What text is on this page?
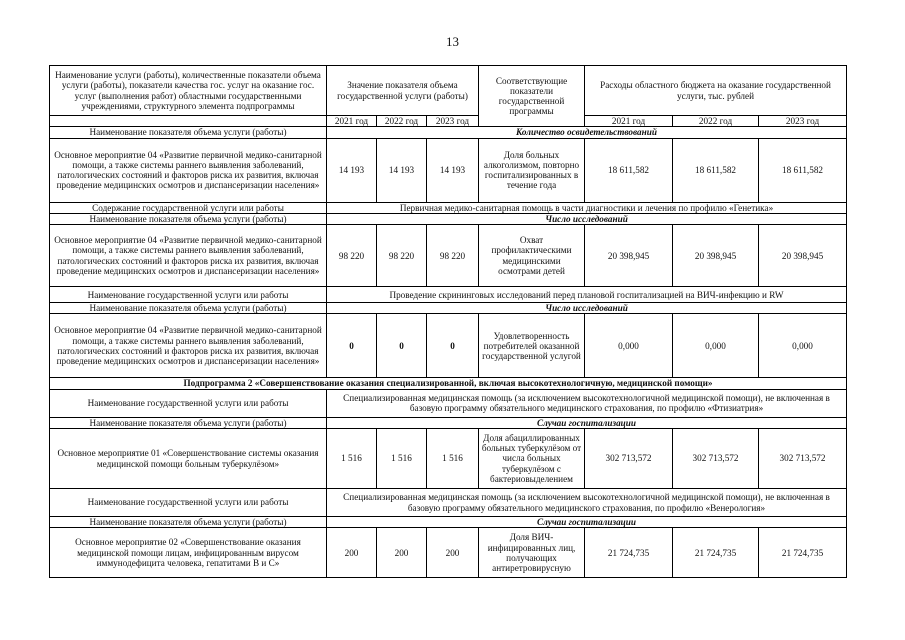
13
Наименование услуги (работы), количественные показатели объема услуги (работы), показатели качества гос. услуг на оказание гос. услуг (выполнения работ) областными государственными учреждениями, структурного элемента подпрограммы	Значение показателя объема государственной услуги (работы)			Соответствующие показатели государственной программы	Расходы областного бюджета на оказание государственной услуги, тыс. рублей		
	2021 год	2022 год	2023 год		2021 год	2022 год	2023 год
Наименование показателя объема услуги (работы)	Количество освидетельствований						
Основное мероприятие 04 «Развитие первичной медико-санитарной помощи, а также системы раннего выявления заболеваний, патологических состояний и факторов риска их развития, включая проведение медицинских осмотров и диспансеризации населения»	14 193	14 193	14 193	Доля больных алкоголизмом, повторно госпитализированных в течение года	18 611,582	18 611,582	18 611,582
Содержание государственной услуги или работы	Первичная медико-санитарная помощь в части диагностики и лечения по профилю «Генетика»						
Наименование показателя объема услуги (работы)	Число исследований						
Основное мероприятие 04 «Развитие первичной медико-санитарной помощи, а также системы раннего выявления заболеваний, патологических состояний и факторов риска их развития, включая проведение медицинских осмотров и диспансеризации населения»	98 220	98 220	98 220	Охват профилактическими медицинскими осмотрами детей	20 398,945	20 398,945	20 398,945
Наименование государственной услуги или работы	Проведение скрининговых исследований перед плановой госпитализацией на ВИЧ-инфекцию и RW						
Наименование показателя объема услуги (работы)	Число исследований						
Основное мероприятие 04 «Развитие первичной медико-санитарной помощи, а также системы раннего выявления заболеваний, патологических состояний и факторов риска их развития, включая проведение медицинских осмотров и диспансеризации населения»	0	0	0	Удовлетворенность потребителей оказанной государственной услугой	0,000	0,000	0,000
Подпрограмма 2 «Совершенствование оказания специализированной, включая высокотехнологичную, медицинской помощи»							
Наименование государственной услуги или работы	Специализированная медицинская помощь (за исключением высокотехнологичной медицинской помощи), не включенная в базовую программу обязательного медицинского страхования, по профилю «Фтизиатрия»						
Наименование показателя объема услуги (работы)	Случаи госпитализации						
Основное мероприятие 01 «Совершенствование системы оказания медицинской помощи больным туберкулёзом»	1 516	1 516	1 516	Доля абациллированных больных туберкулёзом от числа больных туберкулёзом с бактериовыделением	302 713,572	302 713,572	302 713,572
Наименование государственной услуги или работы	Специализированная медицинская помощь (за исключением высокотехнологичной медицинской помощи), не включенная в базовую программу обязательного медицинского страхования, по профилю «Венерология»						
Наименование показателя объема услуги (работы)	Случаи госпитализации						
Основное мероприятие 02 «Совершенствование оказания медицинской помощи лицам, инфицированным вирусом иммунодефицита человека, гепатитами В и С»	200	200	200	Доля ВИЧ-инфицированных лиц, получающих антиретровирусную	21 724,735	21 724,735	21 724,735
